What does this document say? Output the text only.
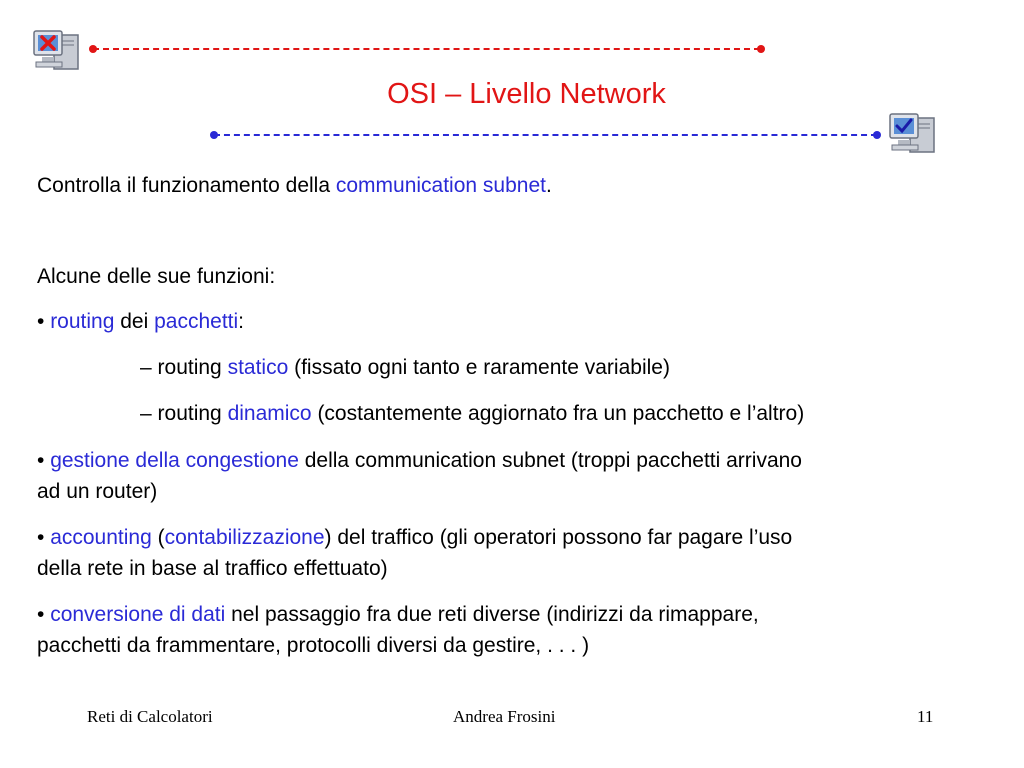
OSI – Livello Network
Controlla il funzionamento della communication subnet.
Alcune delle sue funzioni:
• routing dei pacchetti:
– routing statico (fissato ogni tanto e raramente variabile)
– routing dinamico (costantemente aggiornato fra un pacchetto e l’altro)
• gestione della congestione della communication subnet (troppi pacchetti arrivano
ad un router)
• accounting (contabilizzazione) del traffico (gli operatori possono far pagare l’uso
della rete in base al traffico effettuato)
• conversione di dati nel passaggio fra due reti diverse (indirizzi da rimappare,
pacchetti da frammentare, protocolli diversi da gestire, . . . )
Reti di Calcolatori	Andrea Frosini	11
